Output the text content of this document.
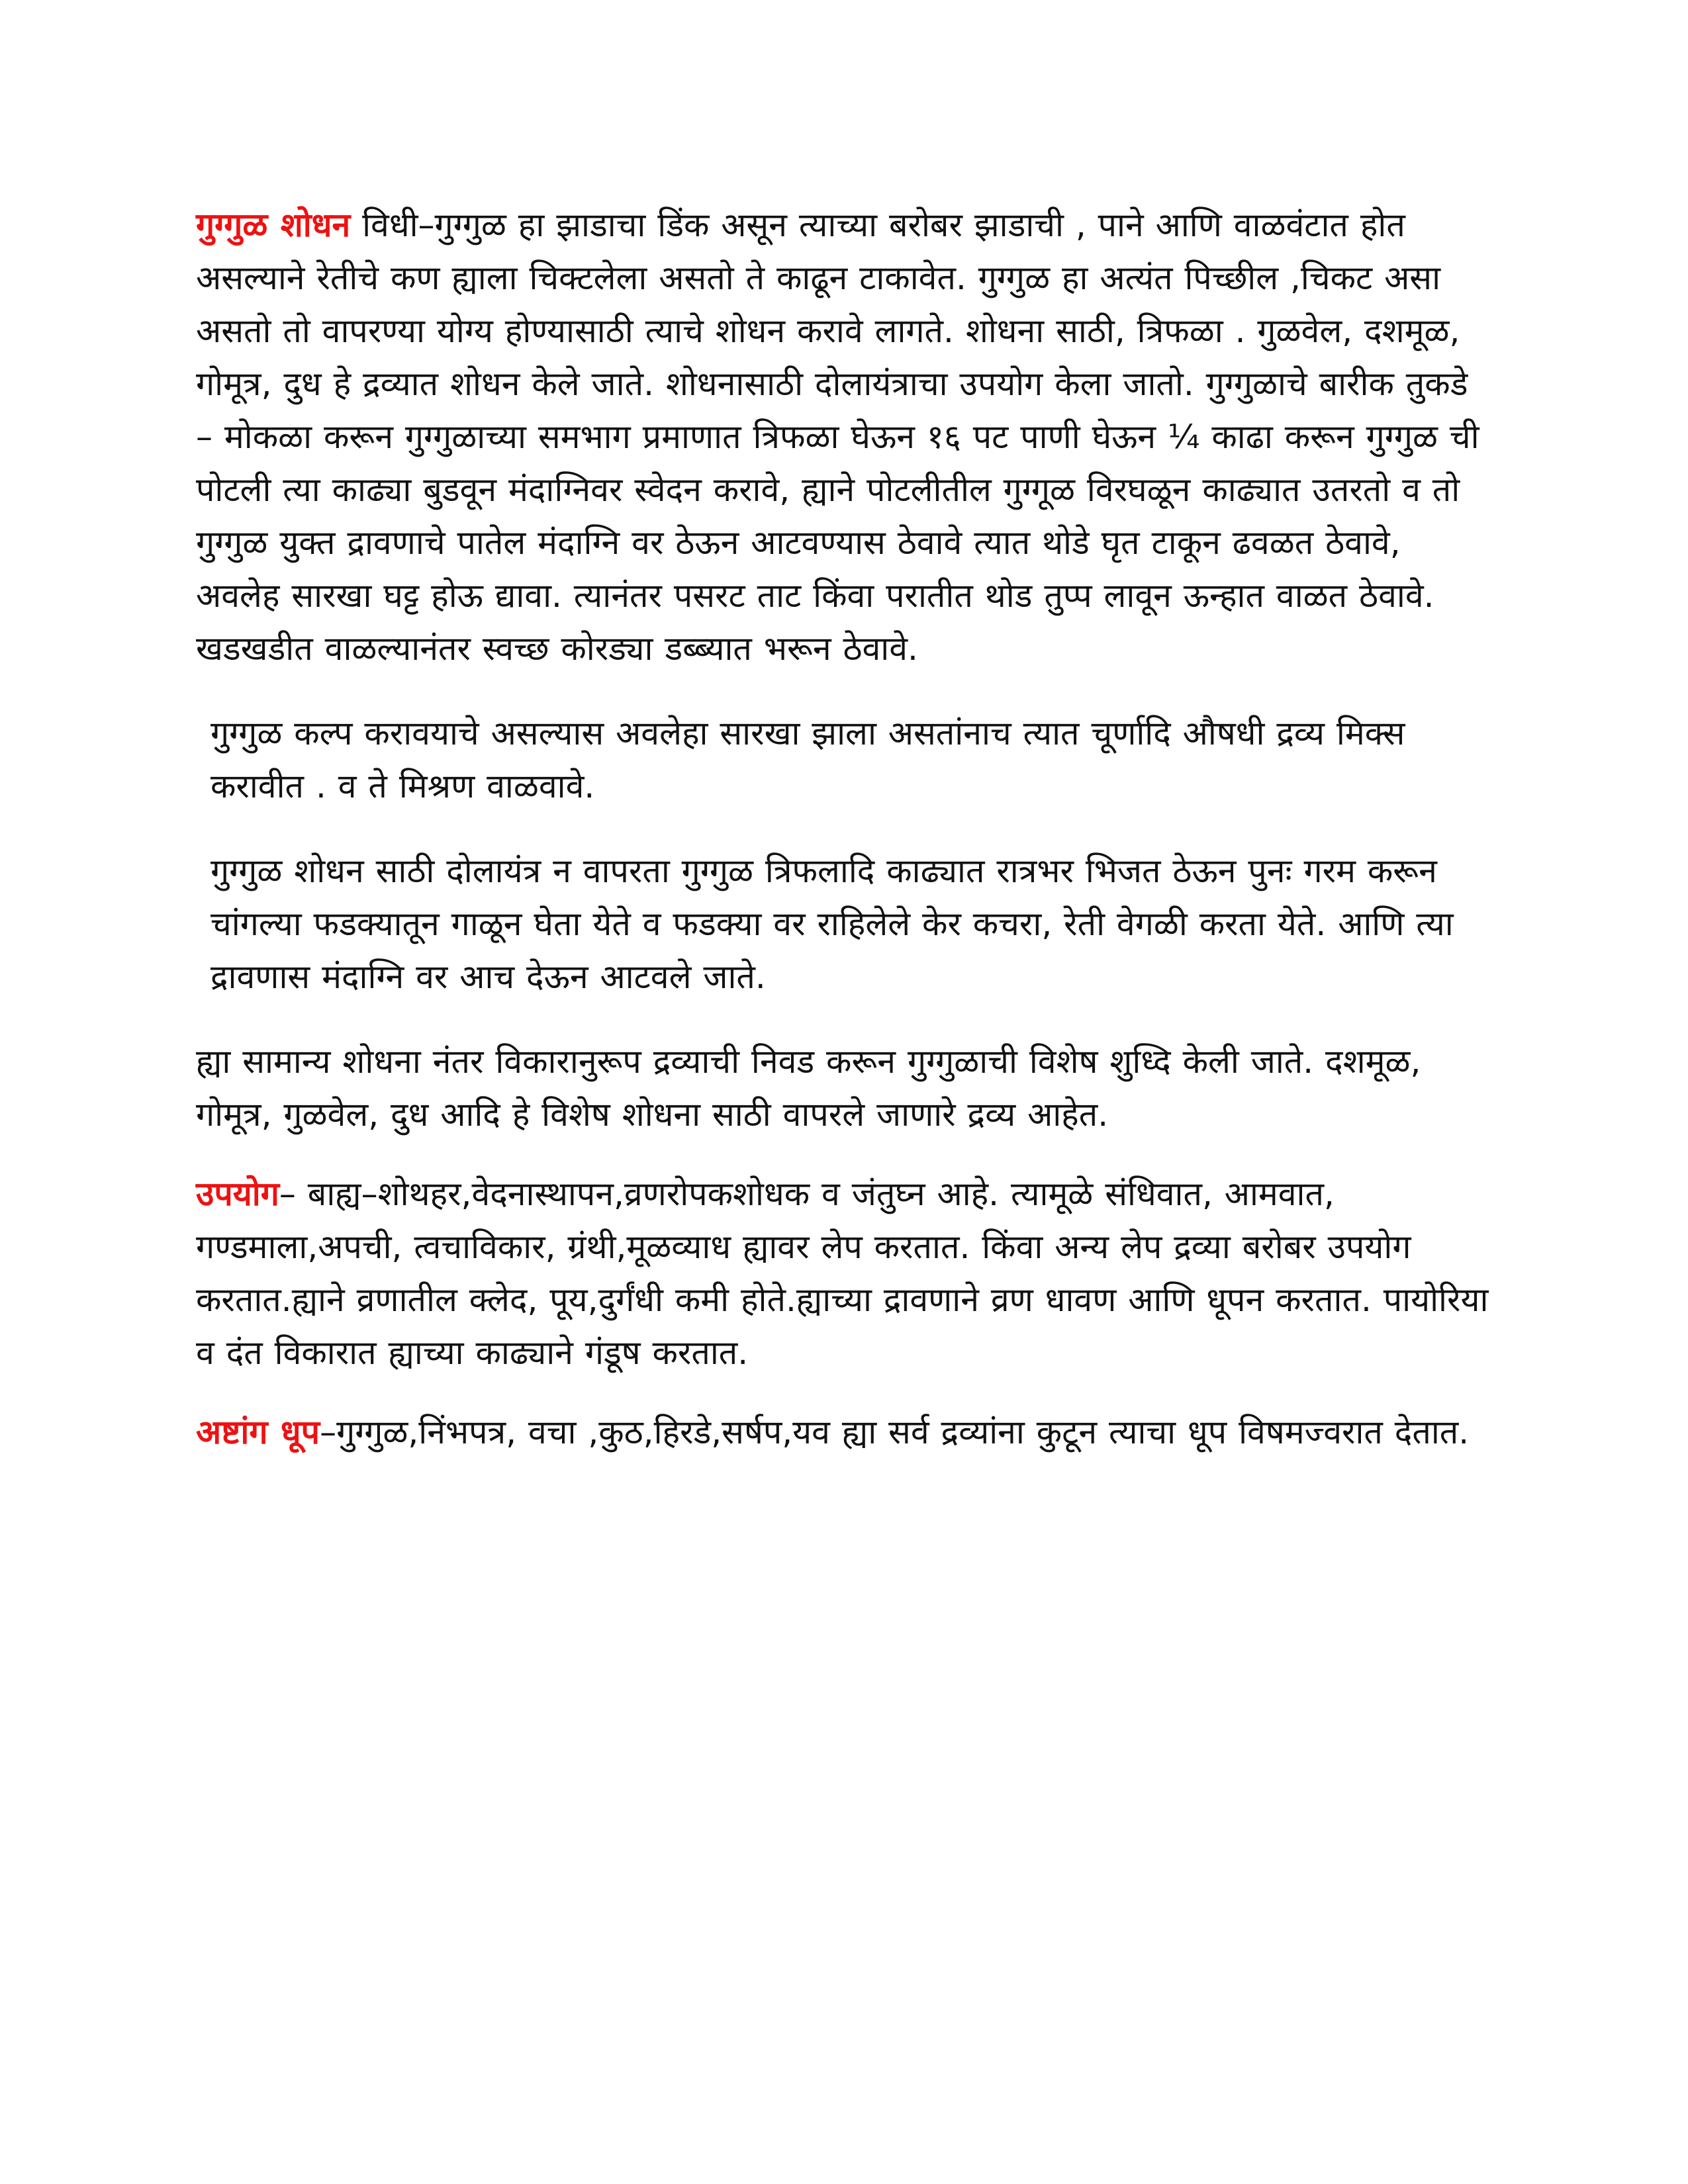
गुग्गुळ शोधन विधी–गुग्गुळ हा झाडाचा डिंक असून त्याच्या बरोबर झाडाची , पाने आणि वाळवंटात होत असल्याने रेतीचे कण ह्याला चिक्टलेला असतो ते काढून टाकावेत. गुग्गुळ हा अत्यंत पिच्छील ,चिकट असा असतो तो वापरण्या योग्य होण्यासाठी त्याचे शोधन करावे लागते. शोधना साठी, त्रिफळा . गुळवेल, दशमूळ, गोमूत्र, दुध हे द्रव्यात शोधन केले जाते. शोधनासाठी दोलायंत्राचा उपयोग केला जातो. गुग्गुळाचे बारीक तुकडे – मोकळा करून गुग्गुळाच्या समभाग प्रमाणात त्रिफळा घेऊन १६ पट पाणी घेऊन ¼ काढा करून गुग्गुळ ची पोटली त्या काढ्या बुडवून मंदाग्निवर स्वेदन करावे, ह्याने पोटलीतील गुग्गूळ विरघळून काढ्यात उतरतो व तो गुग्गुळ युक्त द्रावणाचे पातेल मंदाग्नि वर ठेऊन आटवण्यास ठेवावे त्यात थोडे घृत टाकून ढवळत ठेवावे, अवलेह सारखा घट्ट होऊ द्यावा. त्यानंतर पसरट ताट किंवा परातीत थोड तुप्प लावून ऊन्हात वाळत ठेवावे. खडखडीत वाळल्यानंतर स्वच्छ कोरड्या डब्ब्यात भरून ठेवावे.

गुग्गुळ कल्प करावयाचे असल्यास अवलेहा सारखा झाला असतांनाच त्यात चूर्णादि औषधी द्रव्य मिक्स करावीत . व ते मिश्रण वाळवावे.

गुग्गुळ शोधन साठी दोलायंत्र न वापरता गुग्गुळ त्रिफलादि काढ्यात रात्रभर भिजत ठेऊन पुनः गरम करून चांगल्या फडक्यातून गाळून घेता येते व फडक्या वर राहिलेले केर कचरा, रेती वेगळी करता येते. आणि त्या द्रावणास मंदाग्नि वर आच देऊन आटवले जाते.

ह्या सामान्य शोधना नंतर विकारानुरूप द्रव्याची निवड करून गुग्गुळाची विशेष शुध्दि केली जाते. दशमूळ, गोमूत्र, गुळवेल, दुध आदि हे विशेष शोधना साठी वापरले जाणारे द्रव्य आहेत.

उपयोग– बाह्य–शोथहर,वेदनास्थापन,व्रणरोपकशोधक व जंतुघ्न आहे. त्यामूळे संधिवात, आमवात, गण्डमाला,अपची, त्वचाविकार, ग्रंथी,मूळव्याध ह्यावर लेप करतात. किंवा अन्य लेप द्रव्या बरोबर उपयोग करतात.ह्याने व्रणातील क्लेद, पूय,दुर्गंधी कमी होते.ह्याच्या द्रावणाने व्रण धावण आणि धूपन करतात. पायोरिया व दंत विकारात ह्याच्या काढ्याने गंडूष करतात.

अष्टांग धूप–गुग्गुळ,निंभपत्र, वचा ,कुठ,हिरडे,सर्षप,यव ह्या सर्व द्रव्यांना कुटून त्याचा धूप विषमज्वरात देतात.
